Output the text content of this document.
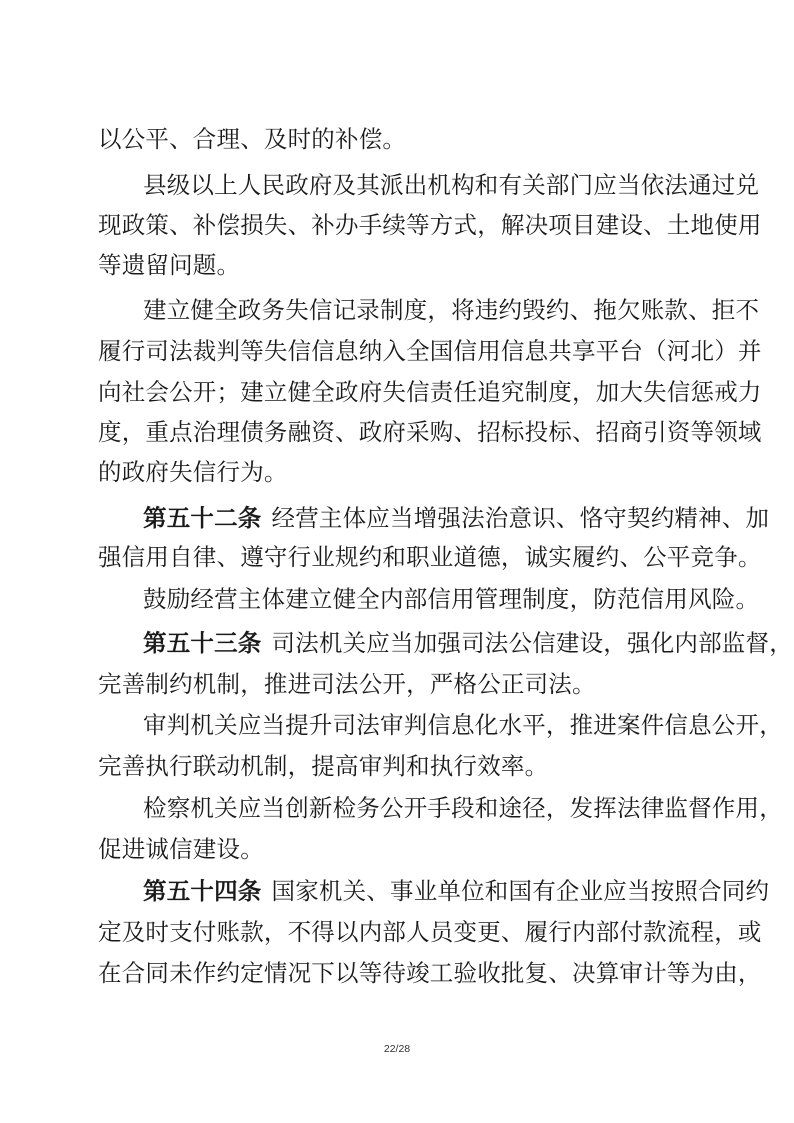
以公平、合理、及时的补偿。
县级以上人民政府及其派出机构和有关部门应当依法通过兑
现政策、补偿损失、补办手续等方式，解决项目建设、土地使用
等遗留问题。
建立健全政务失信记录制度，将违约毁约、拖欠账款、拒不
履行司法裁判等失信信息纳入全国信用信息共享平台（河北）并
向社会公开；建立健全政府失信责任追究制度，加大失信惩戒力
度，重点治理债务融资、政府采购、招标投标、招商引资等领域
的政府失信行为。
第五十二条 经营主体应当增强法治意识、恪守契约精神、加
强信用自律、遵守行业规约和职业道德，诚实履约、公平竞争。
鼓励经营主体建立健全内部信用管理制度，防范信用风险。
第五十三条 司法机关应当加强司法公信建设，强化内部监督，
完善制约机制，推进司法公开，严格公正司法。
审判机关应当提升司法审判信息化水平，推进案件信息公开，
完善执行联动机制，提高审判和执行效率。
检察机关应当创新检务公开手段和途径，发挥法律监督作用，
促进诚信建设。
第五十四条 国家机关、事业单位和国有企业应当按照合同约
定及时支付账款，不得以内部人员变更、履行内部付款流程，或
在合同未作约定情况下以等待竣工验收批复、决算审计等为由，
22/28
